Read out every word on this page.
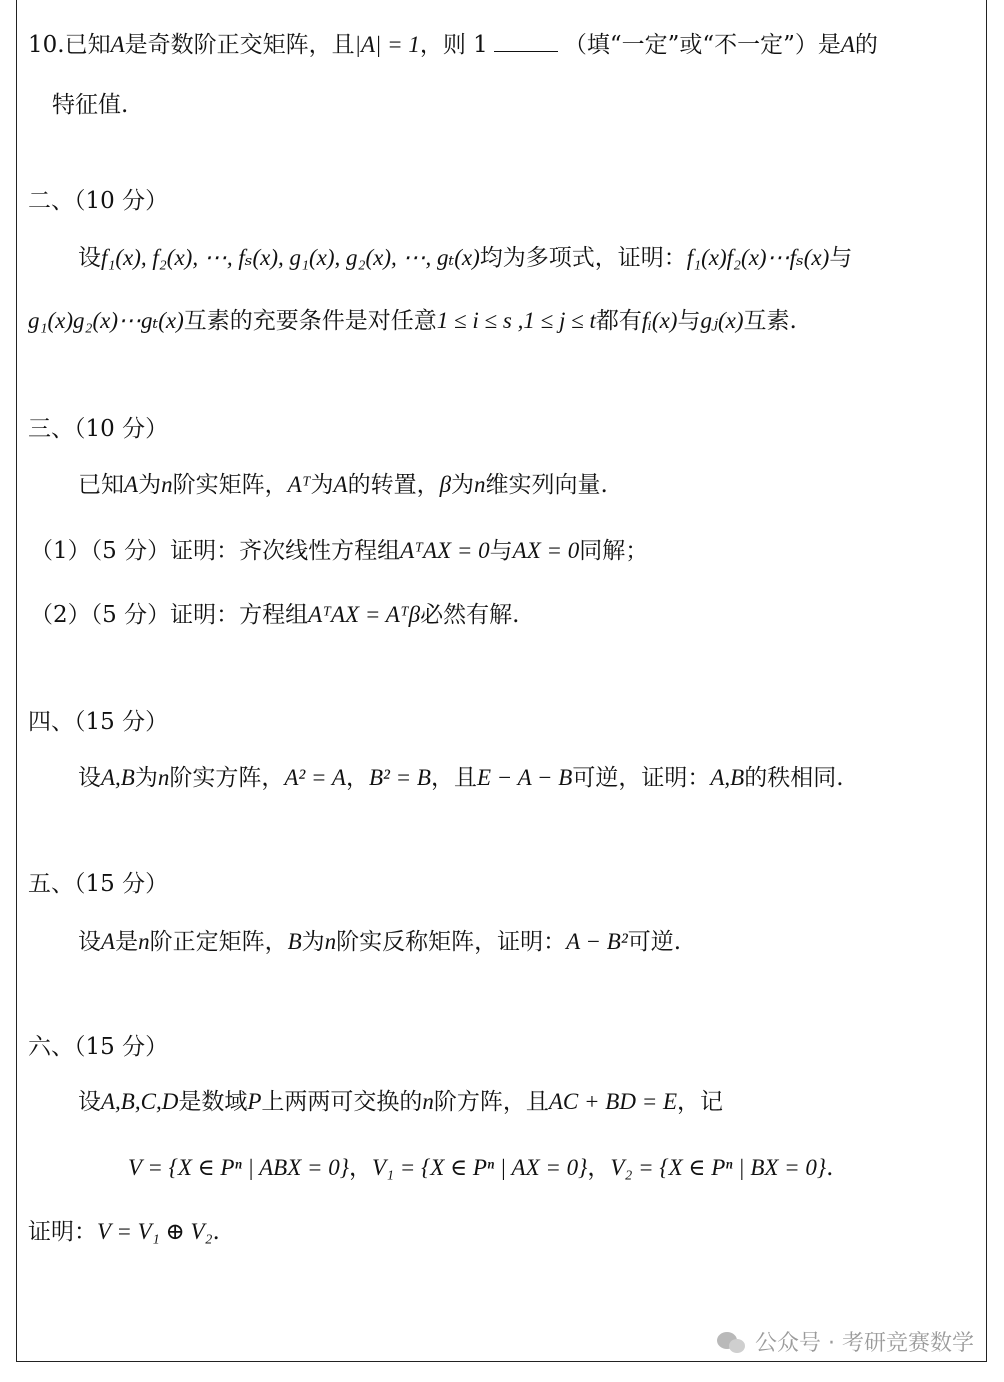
10.已知A是奇数阶正交矩阵，且|A| = 1，则 1	（填“一定”或“不一定”）是A的
特征值.
二、（10 分）
设f₁(x), f₂(x), ⋯, fₛ(x), g₁(x), g₂(x), ⋯, gₜ(x)均为多项式，证明：f₁(x)f₂(x)⋯fₛ(x)与
g₁(x)g₂(x)⋯gₜ(x)互素的充要条件是对任意1 ≤ i ≤ s ,1 ≤ j ≤ t都有fᵢ(x)与gⱼ(x)互素.
三、（10 分）
已知A为n阶实矩阵，Aᵀ为A的转置，β为n维实列向量.
（1）（5 分）证明：齐次线性方程组AᵀAX = 0与AX = 0同解；
（2）（5 分）证明：方程组AᵀAX = Aᵀβ必然有解.
四、（15 分）
设A,B为n阶实方阵，A² = A，B² = B，且E − A − B可逆，证明：A,B的秩相同.
五、（15 分）
设A是n阶正定矩阵，B为n阶实反称矩阵，证明：A − B²可逆.
六、（15 分）
设A,B,C,D是数域P上两两可交换的n阶方阵，且AC + BD = E，记
V = {X ∈ Pⁿ | ABX = 0}，V₁ = {X ∈ Pⁿ | AX = 0}，V₂ = {X ∈ Pⁿ | BX = 0}.
证明：V = V₁ ⊕ V₂.
公众号 · 考研竞赛数学
